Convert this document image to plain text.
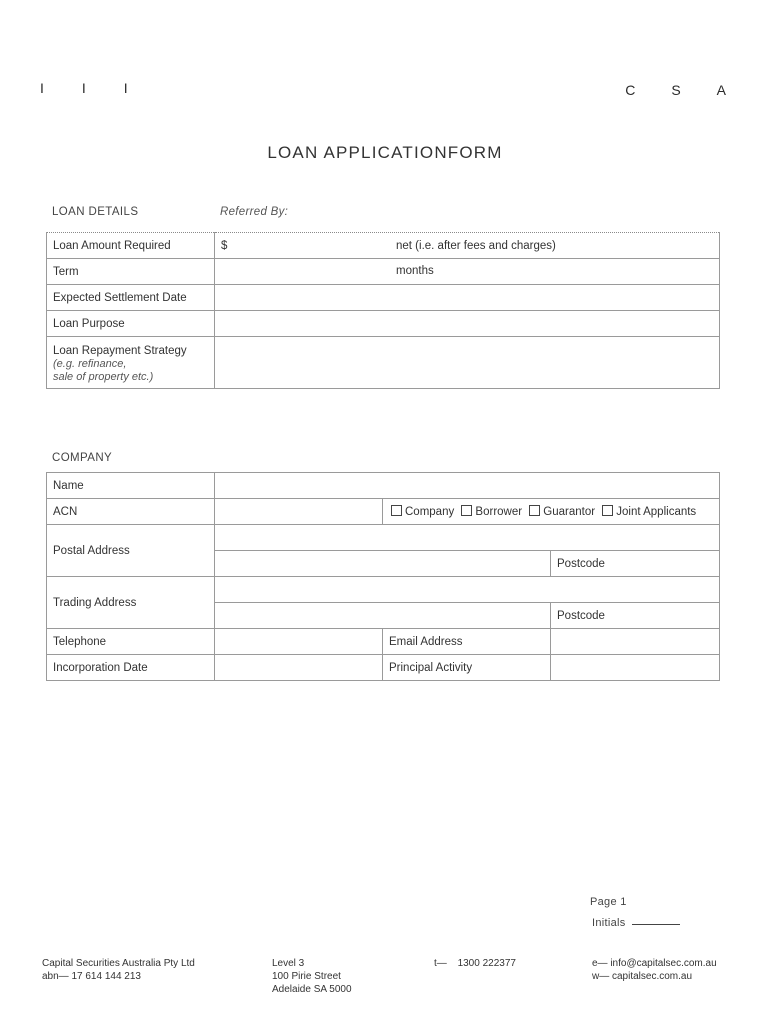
I	I	I	C	S	A
LOAN APPLICATIONFORM
LOAN DETAILS	Referred By:
Loan Amount Required	$ net (i.e. after fees and charges)

Term	months

Expected Settlement Date	
Loan Purpose	

Loan Repayment Strategy
(e.g. refinance,
sale of property etc.)	

COMPANY
Name			
ACN		Company Borrower Guarantor Joint Applicants	
Postal Address			
			Postcode
Trading Address			
			Postcode
Telephone		Email Address	
Incorporation Date		Principal Activity	
Page 1
Initials
Capital Securities Australia Pty Ltd
abn— 17 614 144 213
Level 3
100 Pirie Street
Adelaide SA 5000
t— 1300 222377	e— info@capitalsec.com.au
w— capitalsec.com.au
